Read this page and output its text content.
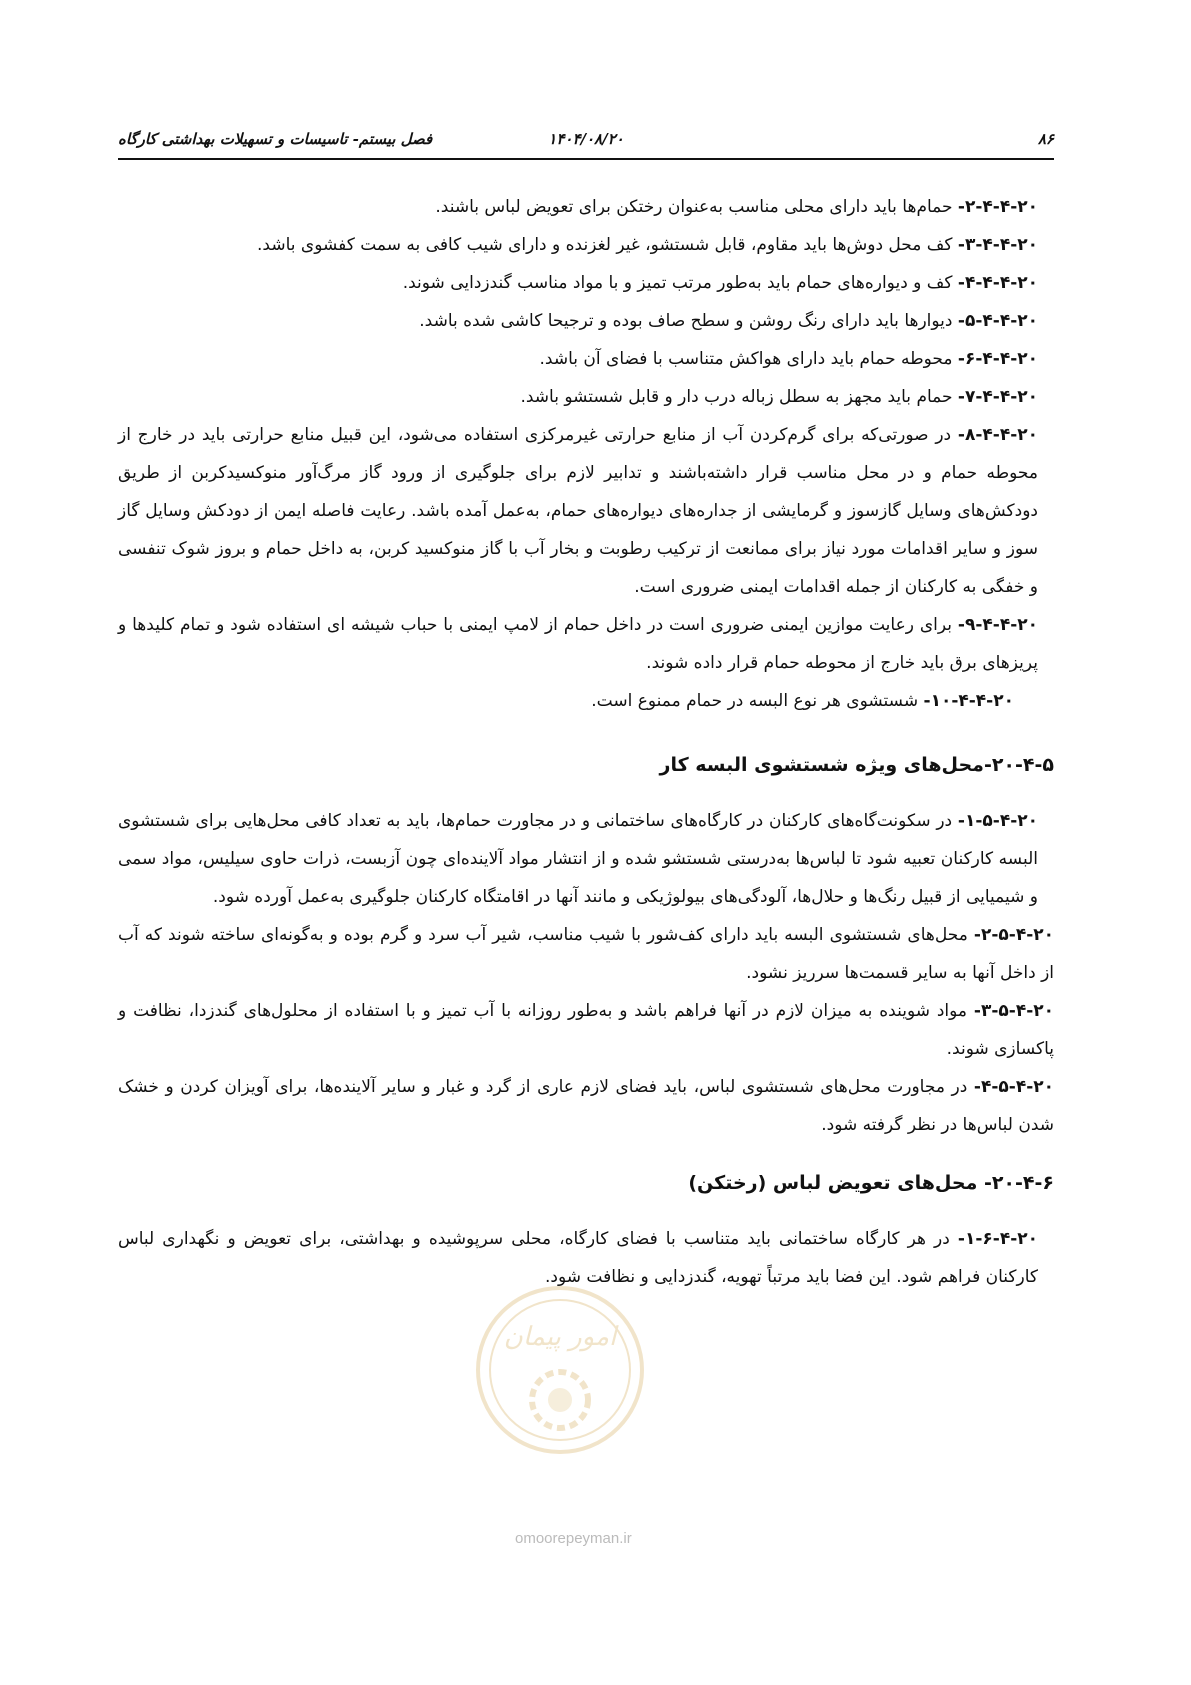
۸۶
۱۴۰۴/۰۸/۲۰
فصل بیستم- تاسیسات و تسهیلات بهداشتی کارگاه

۲-۴-۴-۲۰- حمام‌ها باید دارای محلی مناسب به‌عنوان رختکن برای تعویض لباس باشند.

۳-۴-۴-۲۰- کف محل دوش‌ها باید مقاوم، قابل شستشو، غیر لغزنده و دارای شیب کافی به سمت کفشوی باشد.

۴-۴-۴-۲۰- کف و دیوارەهای حمام باید به‌طور مرتب تمیز و با مواد مناسب گندزدایی شوند.

۵-۴-۴-۲۰- دیوارها باید دارای رنگ روشن و سطح صاف بوده و ترجیحا کاشی شده باشد.

۶-۴-۴-۲۰- محوطه حمام باید دارای هواکش متناسب با فضای آن باشد.

۷-۴-۴-۲۰- حمام باید مجهز به سطل زباله درب دار و قابل شستشو باشد.

۸-۴-۴-۲۰- در صورتی‌که برای گرم‌کردن آب از منابع حرارتی غیرمرکزی استفاده می‌شود، این قبیل منابع حرارتی باید در خارج از محوطه حمام و در محل مناسب قرار داشته‌باشند و تدابیر لازم برای جلوگیری از ورود گاز مرگ‌آور منوکسیدکربن از طریق دودکش‌های وسایل گازسوز و گرمایشی از جدارەهای دیوارەهای حمام، به‌عمل آمده باشد. رعایت فاصله ایمن از دودکش وسایل گاز سوز و سایر اقدامات مورد نیاز برای ممانعت از ترکیب رطوبت و بخار آب با گاز منوکسید کربن، به داخل حمام و بروز شوک تنفسی و خفگی به کارکنان از جمله اقدامات ایمنی ضروری است.

۹-۴-۴-۲۰- برای رعایت موازین ایمنی ضروری است در داخل حمام از لامپ ایمنی با حباب شیشه ای استفاده شود و تمام کلیدها و پریزهای برق باید خارج از محوطه حمام قرار داده شوند.

۱۰-۴-۴-۲۰- شستشوی هر نوع البسه در حمام ممنوع است.

۲۰-۴-۵-محل‌های ویژه شستشوی البسه کار

۱-۵-۴-۲۰- در سکونت‌گاه‌های کارکنان در کارگاه‌های ساختمانی و در مجاورت حمام‌ها، باید به تعداد کافی محل‌هایی برای شستشوی البسه کارکنان تعبیه شود تا لباس‌ها به‌درستی شستشو شده و از انتشار مواد آلاینده‌ای چون آزبست، ذرات حاوی سیلیس، مواد سمی و شیمیایی از قبیل رنگ‌ها و حلال‌ها، آلودگی‌های بیولوژیکی و مانند آنها در اقامتگاه کارکنان جلوگیری به‌عمل آورده شود.

۲-۵-۴-۲۰- محل‌های شستشوی البسه باید دارای کف‌شور با شیب مناسب، شیر آب سرد و گرم بوده و به‌گونه‌ای ساخته شوند که آب از داخل آنها به سایر قسمت‌ها سرریز نشود.

۳-۵-۴-۲۰- مواد شوینده به میزان لازم در آنها فراهم باشد و به‌طور روزانه با آب تمیز و با استفاده از محلول‌های گندزدا، نظافت و پاکسازی شوند.

۴-۵-۴-۲۰- در مجاورت محل‌های شستشوی لباس، باید فضای لازم عاری از گرد و غبار و سایر آلاینده‌ها، برای آویزان کردن و خشک شدن لباس‌ها در نظر گرفته شود.

۲۰-۴-۶- محل‌های تعویض لباس (رختکن)

۱-۶-۴-۲۰- در هر کارگاه ساختمانی باید متناسب با فضای کارگاه، محلی سرپوشیده و بهداشتی، برای تعویض و نگهداری لباس کارکنان فراهم شود. این فضا باید مرتباً تهویه، گندزدایی و نظافت شود.

امور پیمان
omoorepeyman.ir
